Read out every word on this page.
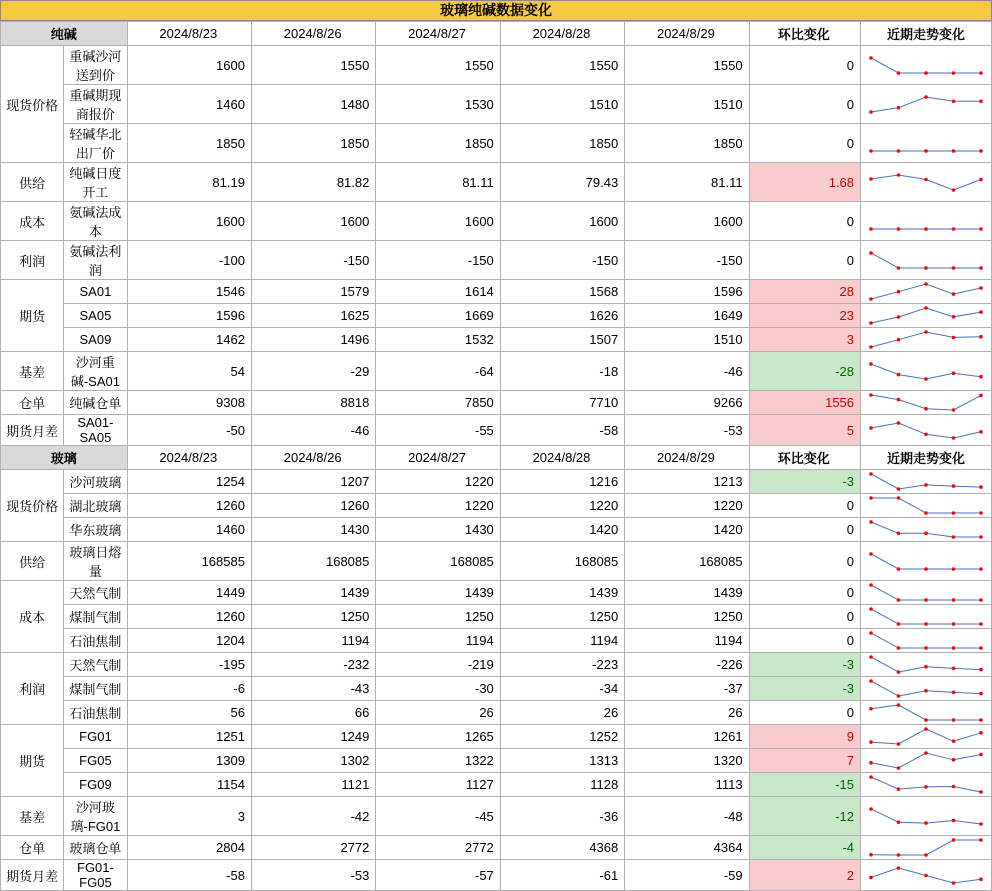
玻璃纯碱数据变化
纯碱		2024/8/23	2024/8/26	2024/8/27	2024/8/28	2024/8/29	环比变化	近期走势变化
现货价格	重碱沙河送到价	1600	1550	1550	1550	1550	0	

	重碱期现商报价	1460	1480	1530	1510	1510	0	

	轻碱华北出厂价	1850	1850	1850	1850	1850	0	

供给	纯碱日度开工	81.19	81.82	81.11	79.43	81.11	1.68	

成本	氨碱法成本	1600	1600	1600	1600	1600	0	

利润	氨碱法利润	-100	-150	-150	-150	-150	0	

期货	SA01	1546	1579	1614	1568	1596	28	

	SA05	1596	1625	1669	1626	1649	23	

	SA09	1462	1496	1532	1507	1510	3	

基差	沙河重碱-SA01	54	-29	-64	-18	-46	-28	

仓单	纯碱仓单	9308	8818	7850	7710	9266	1556	

期货月差	SA01-SA05	-50	-46	-55	-58	-53	5	

玻璃		2024/8/23	2024/8/26	2024/8/27	2024/8/28	2024/8/29	环比变化	近期走势变化
现货价格	沙河玻璃	1254	1207	1220	1216	1213	-3	

	湖北玻璃	1260	1260	1220	1220	1220	0	

	华东玻璃	1460	1430	1430	1420	1420	0	

供给	玻璃日熔量	168585	168085	168085	168085	168085	0	

成本	天然气制	1449	1439	1439	1439	1439	0	

	煤制气制	1260	1250	1250	1250	1250	0	

	石油焦制	1204	1194	1194	1194	1194	0	

利润	天然气制	-195	-232	-219	-223	-226	-3	

	煤制气制	-6	-43	-30	-34	-37	-3	

	石油焦制	56	66	26	26	26	0	

期货	FG01	1251	1249	1265	1252	1261	9	

	FG05	1309	1302	1322	1313	1320	7	

	FG09	1154	1121	1127	1128	1113	-15	

基差	沙河玻璃-FG01	3	-42	-45	-36	-48	-12	

仓单	玻璃仓单	2804	2772	2772	4368	4364	-4	

期货月差	FG01-FG05	-58	-53	-57	-61	-59	2	
